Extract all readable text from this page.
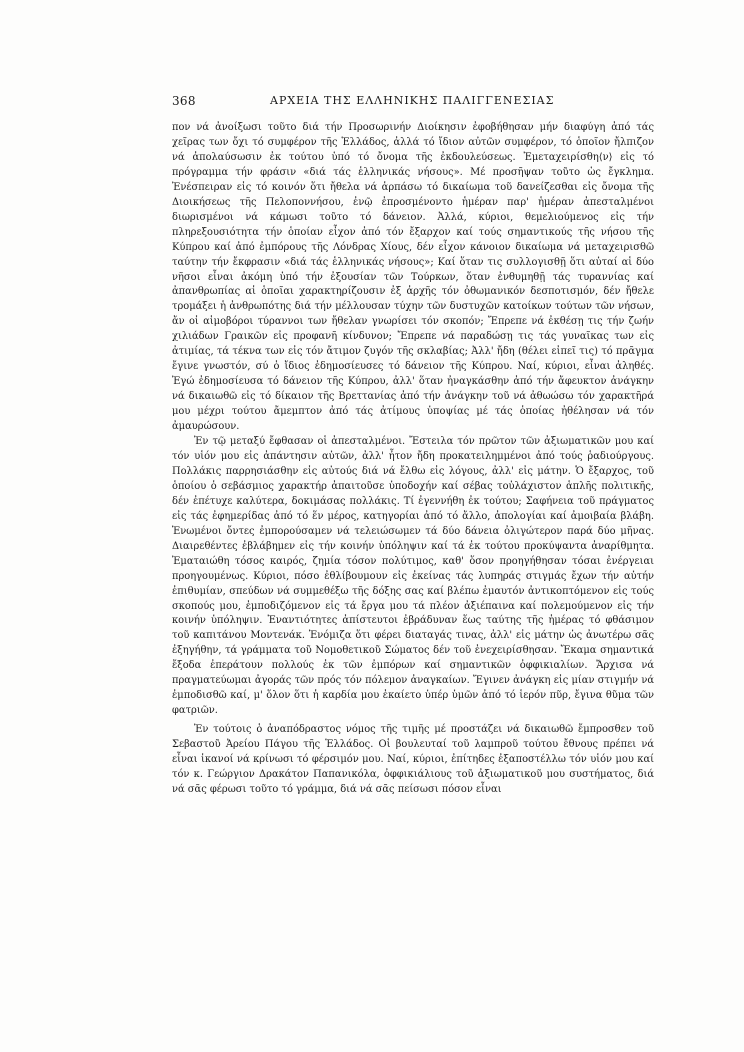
368	ΑΡΧΕΙΑ ΤΗΣ ΕΛΛΗΝΙΚΗΣ ΠΑΛΙΓΓΕΝΕΣΙΑΣ

πον νά ἀνοίξωσι τοῦτο διά τήν Προσωρινήν Διοίκησιν ἐφοβήθησαν μήν διαφύγη ἀπό τάς χεῖρας των ὄχι τό συμφέρον τῆς Ἑλλάδος, ἀλλά τό ἴδιον αὐτῶν συμφέρον, τό ὁποῖον ἤλπιζον νά ἀπολαύσωσιν ἐκ τούτου ὑπό τό ὄνομα τῆς ἐκδουλεύσεως. Ἐμεταχειρίσθη⟨ν⟩ εἰς τό πρόγραμμα τήν φράσιν «διά τάς ἑλληνικάς νήσους». Μέ προσῆψαν τοῦτο ὡς ἔγκλημα. Ἐνέσπειραν εἰς τό κοινόν ὅτι ἤθελα νά ἁρπάσω τό δικαίωμα τοῦ δανείζεσθαι εἰς ὄνομα τῆς Διοικήσεως τῆς Πελοποννήσου, ἐνῷ ἐπροσμένοντο ἡμέραν παρ' ἡμέραν ἀπεσταλμένοι διωρισμένοι νά κάμωσι τοῦτο τό δάνειον. Ἀλλά, κύριοι, θεμελιούμενος εἰς τήν πληρεξουσιότητα τήν ὁποίαν εἶχον ἀπό τόν ἔξαρχον καί τούς σημαντικούς τῆς νήσου τῆς Κύπρου καί ἀπό ἐμπόρους τῆς Λόνδρας Χίους, δέν εἶχον κάνοιον δικαίωμα νά μεταχειρισθῶ ταύτην τήν ἔκφρασιν «διά τάς ἑλληνικάς νήσους»; Καί ὅταν τις συλλογισθῇ ὅτι αὐταί αἱ δύο νῆσοι εἶναι ἀκόμη ὑπό τήν ἐξουσίαν τῶν Τούρκων, ὅταν ἐνθυμηθῇ τάς τυραννίας καί ἀπανθρωπίας αἱ ὁποῖαι χαρακτηρίζουσιν ἐξ ἀρχῆς τόν ὀθωμανικόν δεσποτισμόν, δέν ἤθελε τρομάξει ἡ ἀνθρωπότης διά τήν μέλλουσαν τύχην τῶν δυστυχῶν κατοίκων τούτων τῶν νήσων, ἄν οἱ αἱμοβόροι τύραννοι των ἤθελαν γνωρίσει τόν σκοπόν; Ἔπρεπε νά ἐκθέσῃ τις τήν ζωήν χιλιάδων Γραικῶν εἰς προφανῆ κίνδυνον; Ἔπρεπε νά παραδώσῃ τις τάς γυναῖκας των εἰς ἀτιμίας, τά τέκνα των εἰς τόν ἄτιμον ζυγόν τῆς σκλαβίας; Ἀλλ' ἤδη (θέλει εἰπεῖ τις) τό πρᾶγμα ἔγινε γνωστόν, σύ ὁ ἴδιος ἐδημοσίευσες τό δάνειον τῆς Κύπρου. Ναί, κύριοι, εἶναι ἀληθές. Ἐγώ ἐδημοσίευσα τό δάνειον τῆς Κύπρου, ἀλλ' ὅταν ἠναγκάσθην ἀπό τήν ἄφευκτον ἀνάγκην νά δικαιωθῶ εἰς τό δίκαιον τῆς Βρεττανίας ἀπό τήν ἀνάγκην τοῦ νά ἀθωώσω τόν χαρακτῆρά μου μέχρι τούτου ἄμεμπτον ἀπό τάς ἀτίμους ὑποψίας μέ τάς ὁποίας ἠθέλησαν νά τόν ἀμαυρώσουν.

Ἐν τῷ μεταξύ ἔφθασαν οἱ ἀπεσταλμένοι. Ἔστειλα τόν πρῶτον τῶν ἀξιωματικῶν μου καί τόν υἱόν μου εἰς ἀπάντησιν αὐτῶν, ἀλλ' ἦτον ἤδη προκατειλημμένοι ἀπό τούς ῥαδιούργους. Πολλάκις παρρησιάσθην εἰς αὐτούς διά νά ἔλθω εἰς λόγους, ἀλλ' εἰς μάτην. Ὁ ἔξαρχος, τοῦ ὁποίου ὁ σεβάσμιος χαρακτήρ ἀπαιτοῦσε ὑποδοχήν καί σέβας τοὐλάχιστον ἁπλῆς πολιτικῆς, δέν ἐπέτυχε καλύτερα, δοκιμάσας πολλάκις. Τί ἐγεννήθη ἐκ τούτου; Σαφήνεια τοῦ πράγματος εἰς τάς ἐφημερίδας ἀπό τό ἕν μέρος, κατηγορίαι ἀπό τό ἄλλο, ἀπολογίαι καί ἀμοιβαία βλάβη. Ἑνωμένοι ὄντες ἐμπορούσαμεν νά τελειώσωμεν τά δύο δάνεια ὀλιγώτερον παρά δύο μῆνας. Διαιρεθέντες ἐβλάβημεν εἰς τήν κοινήν ὑπόληψιν καί τά ἐκ τούτου προκύψαντα ἀναρίθμητα. Ἐματαιώθη τόσος καιρός, ζημία τόσον πολύτιμος, καθ' ὅσον προηγήθησαν τόσαι ἐνέργειαι προηγουμένως. Κύριοι, πόσο ἐθλίβουμουν εἰς ἐκείνας τάς λυπηράς στιγμάς ἔχων τήν αὐτήν ἐπιθυμίαν, σπεύδων νά συμμεθέξω τῆς δόξης σας καί βλέπω ἐμαυτόν ἀντικοπτόμενον εἰς τούς σκοπούς μου, ἐμποδιζόμενον εἰς τά ἔργα μου τά πλέον ἀξιέπαινα καί πολεμούμενον εἰς τήν κοινήν ὑπόληψιν. Ἐναντιότητες ἀπίστευτοι ἐβράδυναν ἕως ταύτης τῆς ἡμέρας τό φθάσιμον τοῦ καπιτάνου Μοντενάκ. Ἐνόμιζα ὅτι φέρει διαταγάς τινας, ἀλλ' εἰς μάτην ὡς ἀνωτέρω σᾶς ἐξηγήθην, τά γράμματα τοῦ Νομοθετικοῦ Σώματος δέν τοῦ ἐνεχειρίσθησαν. Ἔκαμα σημαντικά ἔξοδα ἐπεράτουν πολλούς ἐκ τῶν ἐμπόρων καί σημαντικῶν ὀφφικιαλίων. Ἄρχισα νά πραγματεύωμαι ἀγοράς τῶν πρός τόν πόλεμον ἀναγκαίων. Ἔγινεν ἀνάγκη εἰς μίαν στιγμήν νά ἐμποδισθῶ καί, μ' ὅλον ὅτι ἡ καρδία μου ἐκαίετο ὑπέρ ὑμῶν ἀπό τό ἱερόν πῦρ, ἔγινα θῦμα τῶν φατριῶν.

Ἐν τούτοις ὁ ἀναπόδραστος νόμος τῆς τιμῆς μέ προστάζει νά δικαιωθῶ ἔμπροσθεν τοῦ Σεβαστοῦ Ἀρείου Πάγου τῆς Ἑλλάδος. Οἱ βουλευταί τοῦ λαμπροῦ τούτου ἔθνους πρέπει νά εἶναι ἱκανοί νά κρίνωσι τό φέρσιμόν μου. Ναί, κύριοι, ἐπίτηδες ἐξαποστέλλω τόν υἱόν μου καί τόν κ. Γεώργιον Δρακάτον Παπανικόλα, ὀφφικιάλιους τοῦ ἀξιωματικοῦ μου συστήματος, διά νά σᾶς φέρωσι τοῦτο τό γράμμα, διά νά σᾶς πείσωσι πόσον εἶναι
